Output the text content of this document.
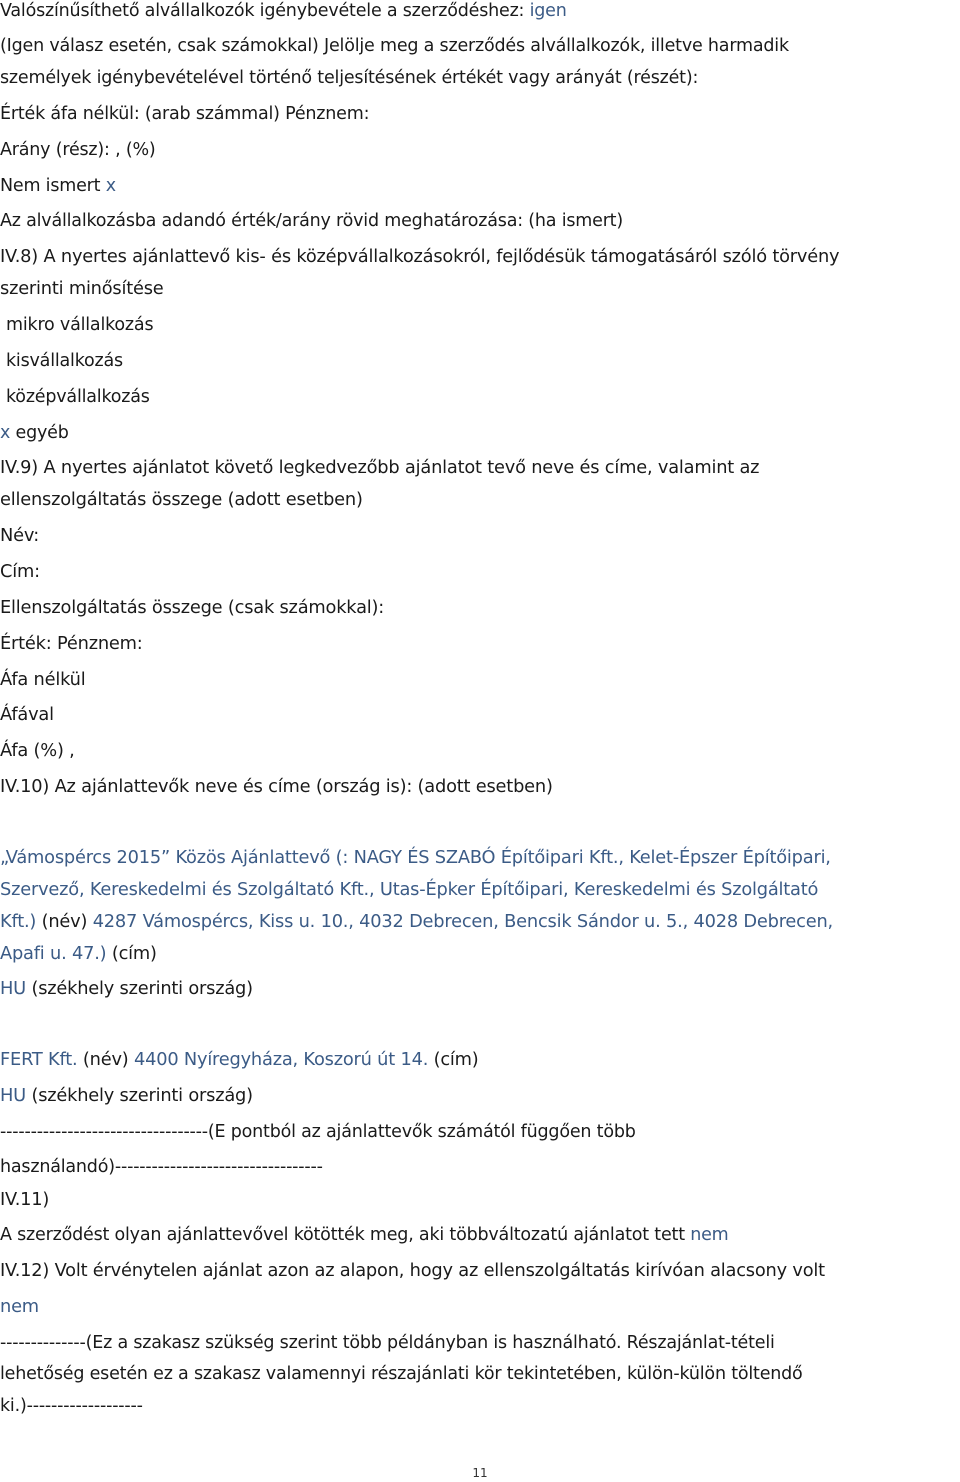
Valószínűsíthető alvállalkozók igénybevétele a szerződéshez: igen
(Igen válasz esetén, csak számokkal) Jelölje meg a szerződés alvállalkozók, illetve harmadik
személyek igénybevételével történő teljesítésének értékét vagy arányát (részét):
Érték áfa nélkül: (arab számmal) Pénznem:
Arány (rész): , (%)
Nem ismert x
Az alvállalkozásba adandó érték/arány rövid meghatározása: (ha ismert)
IV.8) A nyertes ajánlattevő kis- és középvállalkozásokról, fejlődésük támogatásáról szóló törvény
szerinti minősítése
mikro vállalkozás
kisvállalkozás
középvállalkozás
x egyéb
IV.9) A nyertes ajánlatot követő legkedvezőbb ajánlatot tevő neve és címe, valamint az
ellenszolgáltatás összege (adott esetben)
Név:
Cím:
Ellenszolgáltatás összege (csak számokkal):
Érték: Pénznem:
Áfa nélkül
Áfával
Áfa (%) ,
IV.10) Az ajánlattevők neve és címe (ország is): (adott esetben)
„Vámospércs 2015” Közös Ajánlattevő (: NAGY ÉS SZABÓ Építőipari Kft., Kelet-Épszer Építőipari,
Szervező, Kereskedelmi és Szolgáltató Kft., Utas-Épker Építőipari, Kereskedelmi és Szolgáltató
Kft.) (név) 4287 Vámospércs, Kiss u. 10., 4032 Debrecen, Bencsik Sándor u. 5., 4028 Debrecen,
Apafi u. 47.) (cím)
HU (székhely szerinti ország)
FERT Kft. (név) 4400 Nyíregyháza, Koszorú út 14. (cím)
HU (székhely szerinti ország)
----------------------------------(E pontból az ajánlattevők számától függően több
használandó)----------------------------------
IV.11)
A szerződést olyan ajánlattevővel kötötték meg, aki többváltozatú ajánlatot tett nem
IV.12) Volt érvénytelen ajánlat azon az alapon, hogy az ellenszolgáltatás kirívóan alacsony volt
nem
--------------(Ez a szakasz szükség szerint több példányban is használható. Részajánlat-tételi
lehetőség esetén ez a szakasz valamennyi részajánlati kör tekintetében, külön-külön töltendő
ki.)-------------------
11
